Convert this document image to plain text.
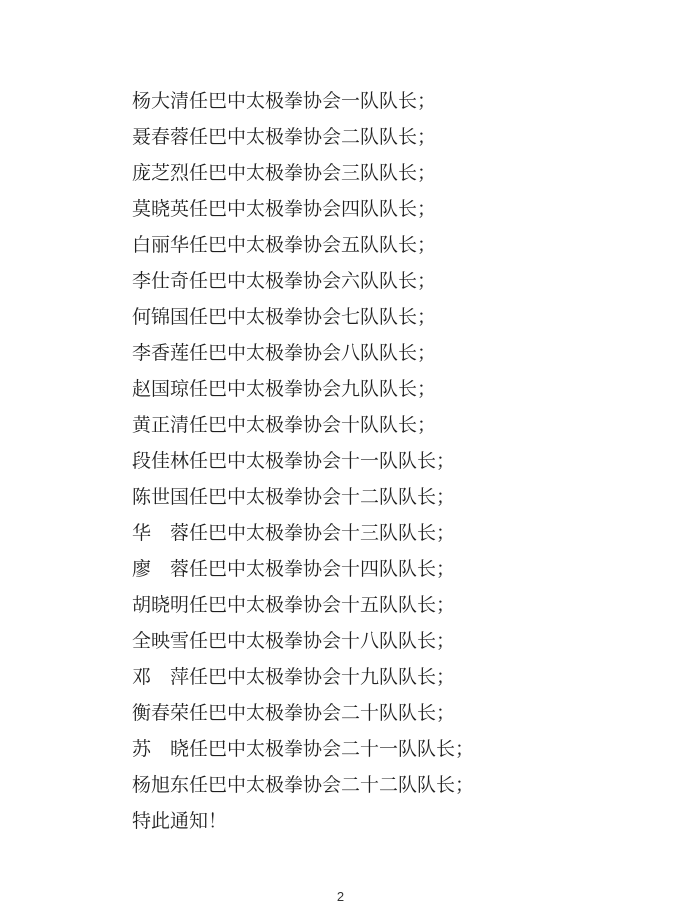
杨大清任巴中太极拳协会一队队长；

聂春蓉任巴中太极拳协会二队队长；

庞芝烈任巴中太极拳协会三队队长；

莫晓英任巴中太极拳协会四队队长；

白丽华任巴中太极拳协会五队队长；

李仕奇任巴中太极拳协会六队队长；

何锦国任巴中太极拳协会七队队长；

李香莲任巴中太极拳协会八队队长；

赵国琼任巴中太极拳协会九队队长；

黄正清任巴中太极拳协会十队队长；

段佳林任巴中太极拳协会十一队队长；

陈世国任巴中太极拳协会十二队队长；

华　蓉任巴中太极拳协会十三队队长；

廖　蓉任巴中太极拳协会十四队队长；

胡晓明任巴中太极拳协会十五队队长；

全映雪任巴中太极拳协会十八队队长；

邓　萍任巴中太极拳协会十九队队长；

衡春荣任巴中太极拳协会二十队队长；

苏　晓任巴中太极拳协会二十一队队长；

杨旭东任巴中太极拳协会二十二队队长；

特此通知！

2
